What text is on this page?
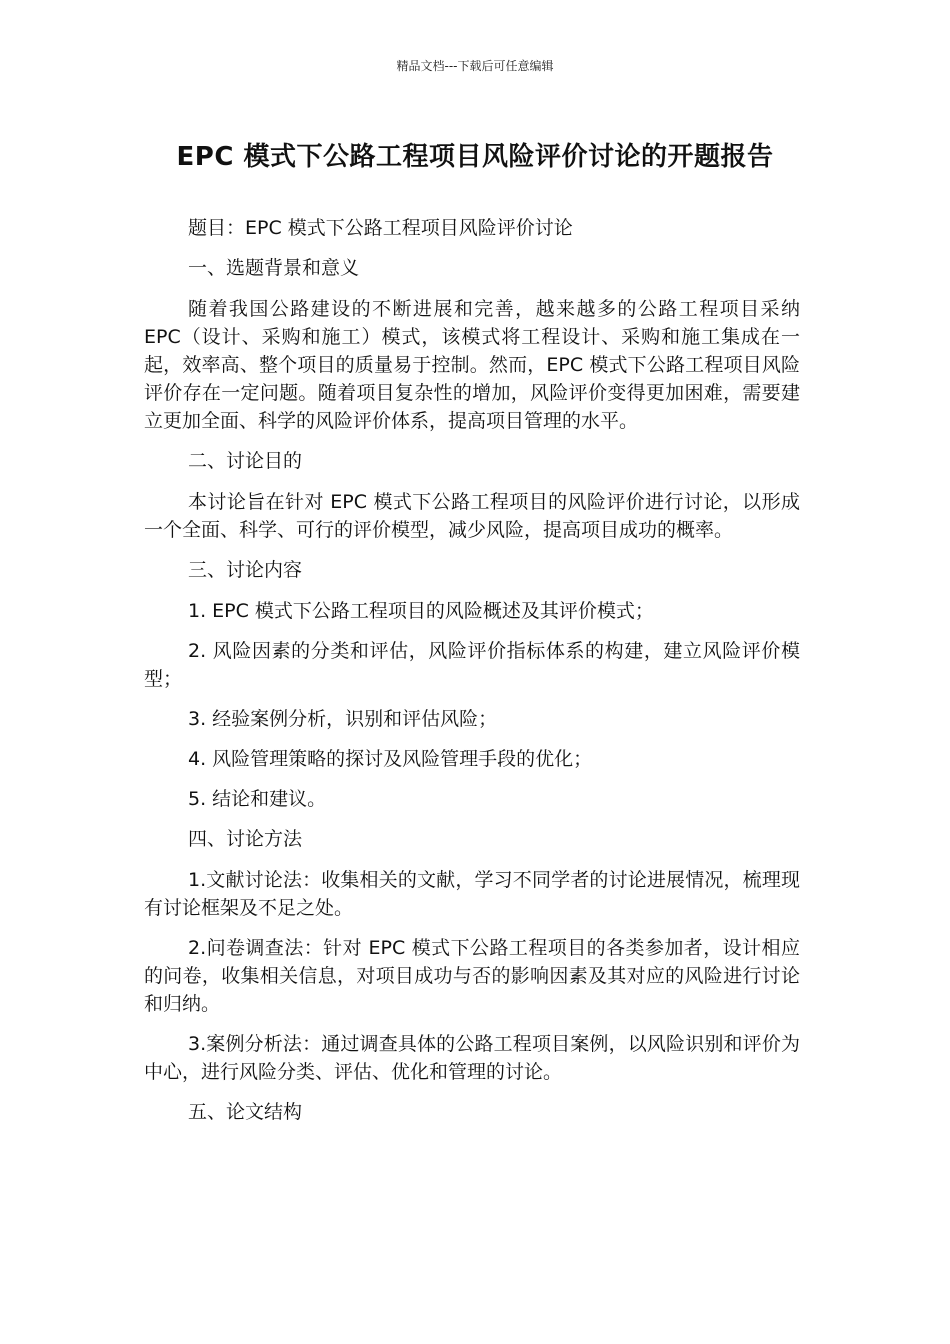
精品文档---下载后可任意编辑
EPC 模式下公路工程项目风险评价讨论的开题报告

题目：EPC 模式下公路工程项目风险评价讨论

一、选题背景和意义

随着我国公路建设的不断进展和完善，越来越多的公路工程项目采纳 EPC（设计、采购和施工）模式，该模式将工程设计、采购和施工集成在一起，效率高、整个项目的质量易于控制。然而，EPC 模式下公路工程项目风险评价存在一定问题。随着项目复杂性的增加，风险评价变得更加困难，需要建立更加全面、科学的风险评价体系，提高项目管理的水平。

二、讨论目的

本讨论旨在针对 EPC 模式下公路工程项目的风险评价进行讨论，以形成一个全面、科学、可行的评价模型，减少风险，提高项目成功的概率。

三、讨论内容

1. EPC 模式下公路工程项目的风险概述及其评价模式；

2. 风险因素的分类和评估，风险评价指标体系的构建，建立风险评价模型；

3. 经验案例分析，识别和评估风险；

4. 风险管理策略的探讨及风险管理手段的优化；

5. 结论和建议。

四、讨论方法

1.文献讨论法：收集相关的文献，学习不同学者的讨论进展情况，梳理现有讨论框架及不足之处。

2.问卷调查法：针对 EPC 模式下公路工程项目的各类参加者，设计相应的问卷，收集相关信息，对项目成功与否的影响因素及其对应的风险进行讨论和归纳。

3.案例分析法：通过调查具体的公路工程项目案例，以风险识别和评价为中心，进行风险分类、评估、优化和管理的讨论。

五、论文结构
